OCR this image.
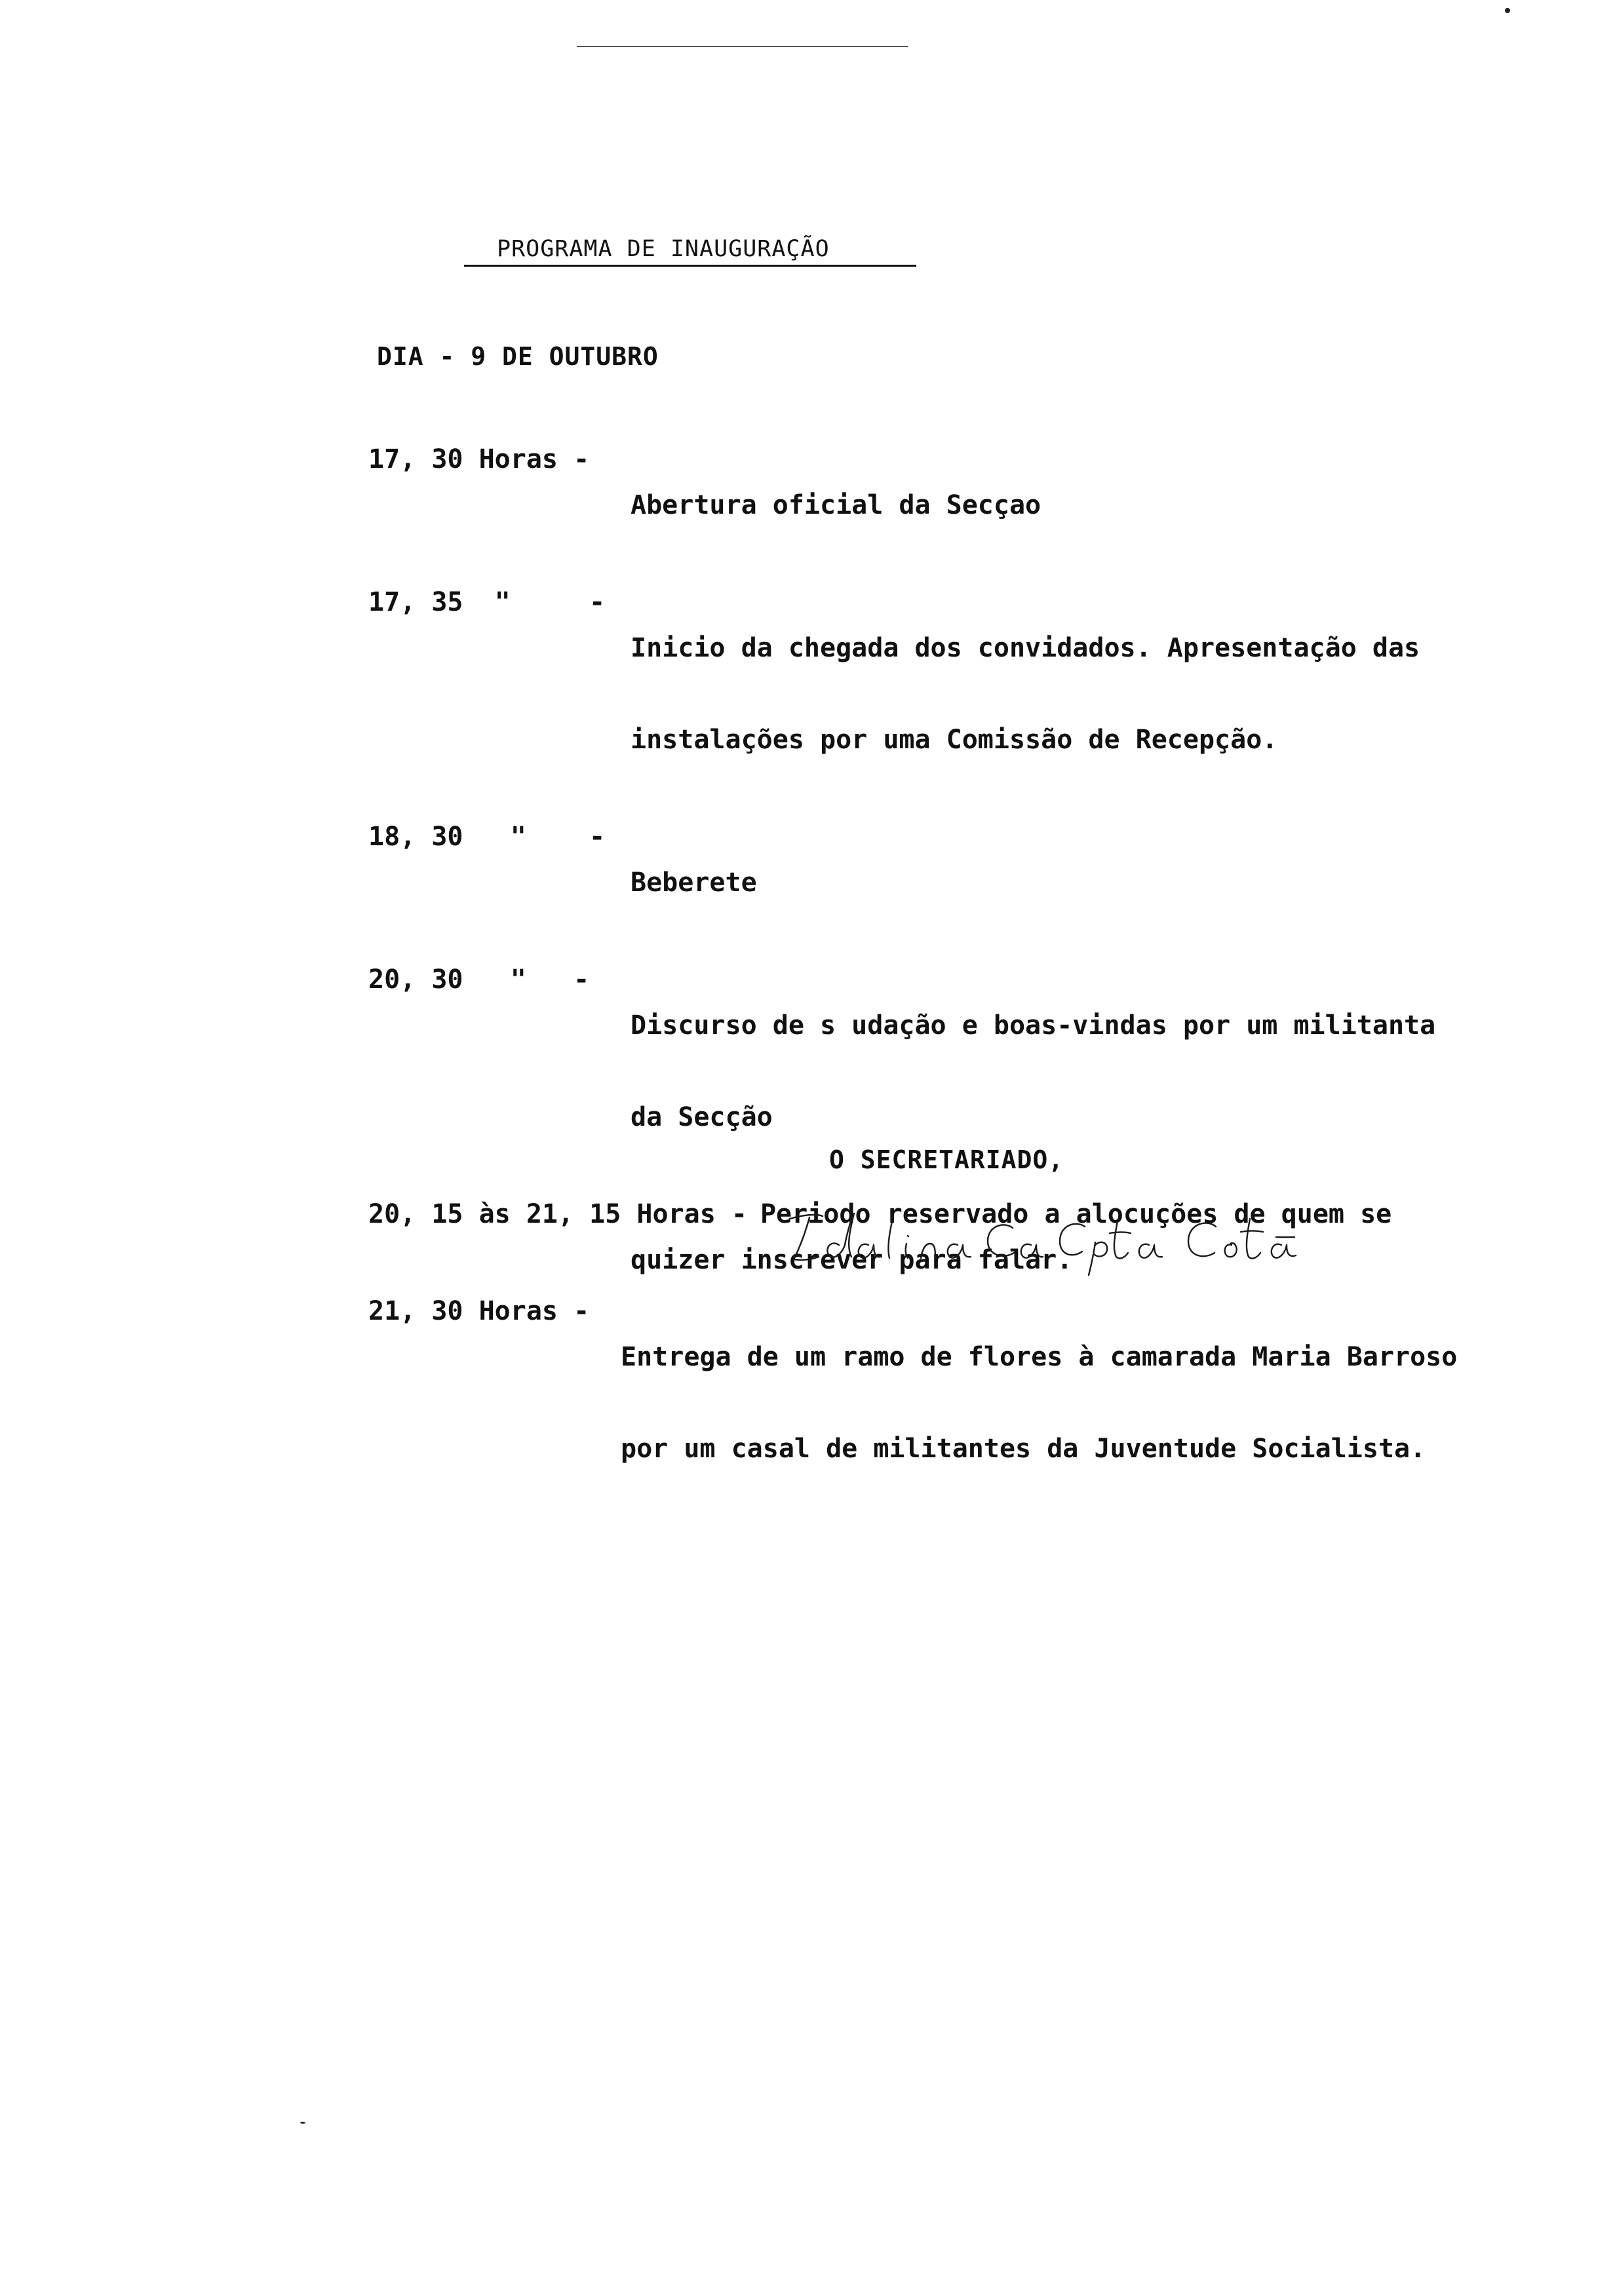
PROGRAMA DE INAUGURAÇÃO
DIA - 9 DE OUTUBRO
17, 30 Horas -

Abertura oficial da Secçao

17, 35  "     -

Inicio da chegada dos convidados. Apresentação das

instalações por uma Comissão de Recepção.

18, 30   "    -

Beberete

20, 30   "   -

Discurso de s udação e boas-vindas por um militanta

da Secção

20, 15 às 21, 15 Horas - Periodo reservado a alocuções de quem se
quizer inscrever para falar.
21, 30 Horas -

Entrega de um ramo de flores à camarada Maria Barroso

por um casal de militantes da Juventude Socialista.

O SECRETARIADO,
